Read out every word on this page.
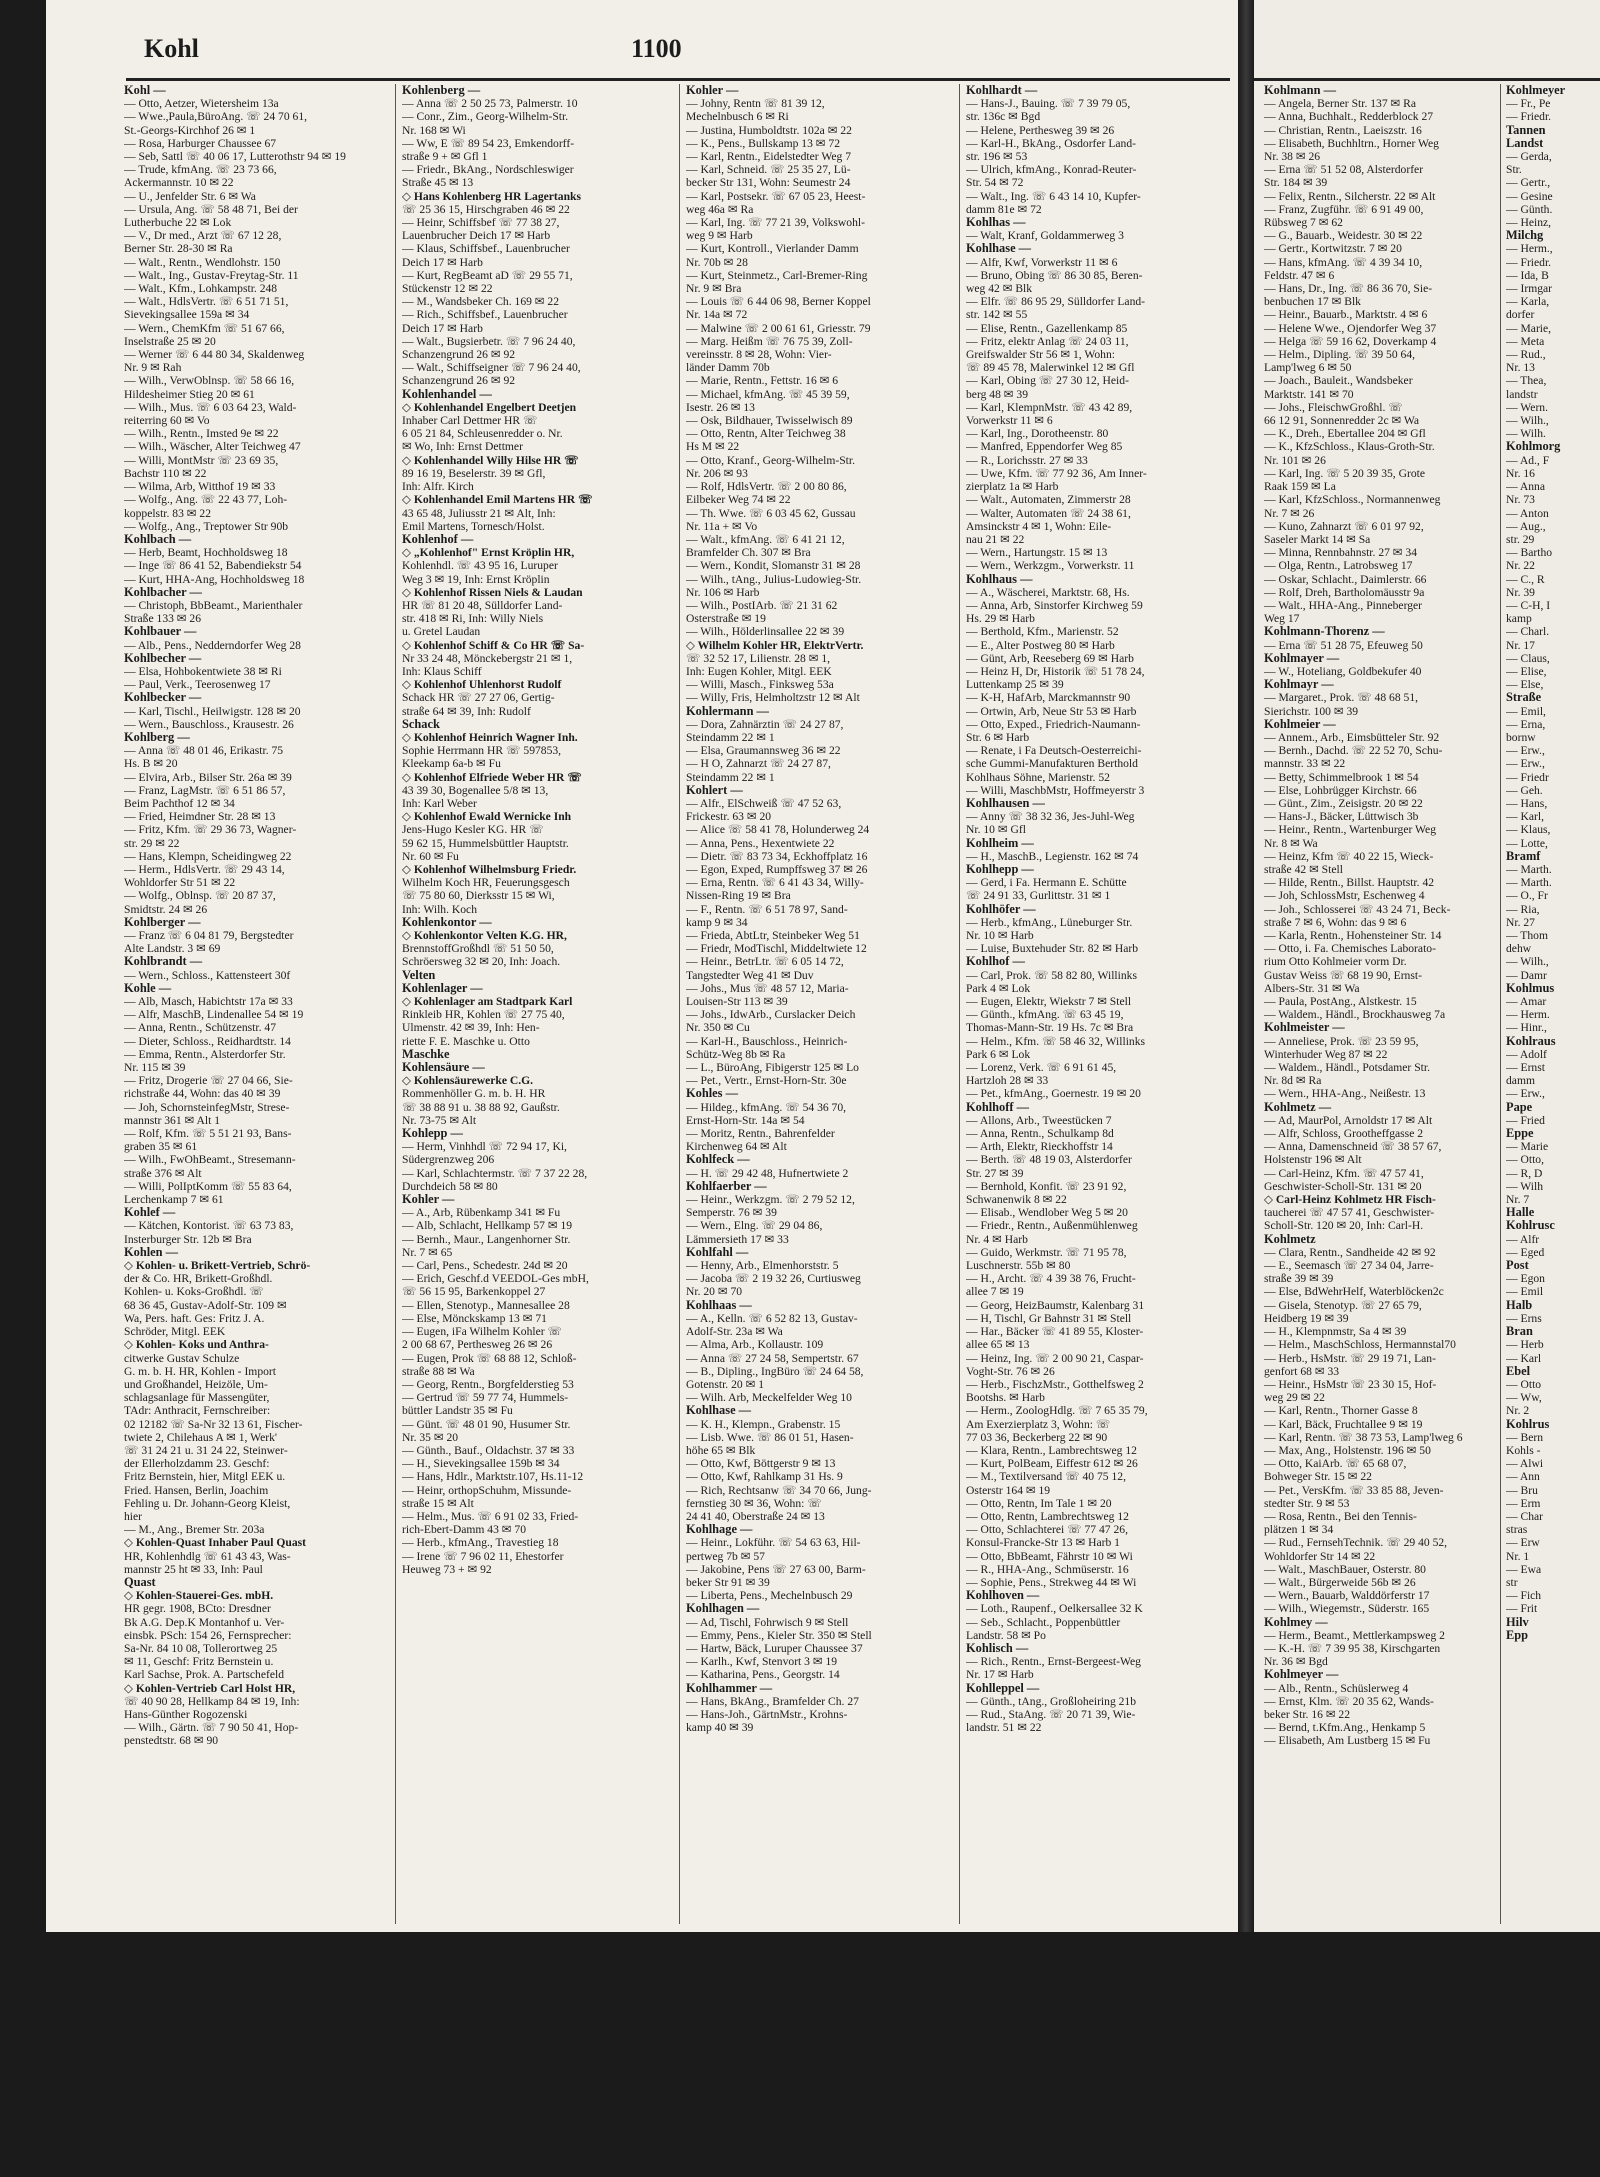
Kohl	1100
Kohl —
— Otto, Aetzer, Wietersheim 13a
— Wwe.,Paula,BüroAng. ☏ 24 70 61,
St.-Georgs-Kirchhof 26 ✉ 1
— Rosa, Harburger Chaussee 67
— Seb, Sattl ☏ 40 06 17, Lutterothstr 94 ✉ 19
— Trude, kfmAng. ☏ 23 73 66,
Ackermannstr. 10 ✉ 22
— U., Jenfelder Str. 6 ✉ Wa
— Ursula, Ang. ☏ 58 48 71, Bei der
Lutherbuche 22 ✉ Lok
— V., Dr med., Arzt ☏ 67 12 28,
Berner Str. 28-30 ✉ Ra
— Walt., Rentn., Wendlohstr. 150
— Walt., Ing., Gustav-Freytag-Str. 11
— Walt., Kfm., Lohkampstr. 248
— Walt., HdlsVertr. ☏ 6 51 71 51,
Sievekingsallee 159a ✉ 34
— Wern., ChemKfm ☏ 51 67 66,
Inselstraße 25 ✉ 20
— Werner ☏ 6 44 80 34, Skaldenweg
Nr. 9 ✉ Rah
— Wilh., VerwOblnsp. ☏ 58 66 16,
Hildesheimer Stieg 20 ✉ 61
— Wilh., Mus. ☏ 6 03 64 23, Wald-
reiterring 60 ✉ Vo
— Wilh., Rentn., Imsted 9e ✉ 22
— Wilh., Wäscher, Alter Teichweg 47
— Willi, MontMstr ☏ 23 69 35,
Bachstr 110 ✉ 22
— Wilma, Arb, Witthof 19 ✉ 33
— Wolfg., Ang. ☏ 22 43 77, Loh-
koppelstr. 83 ✉ 22
— Wolfg., Ang., Treptower Str 90b
Kohlbach —
— Herb, Beamt, Hochholdsweg 18
— Inge ☏ 86 41 52, Babendiekstr 54
— Kurt, HHA-Ang, Hochholdsweg 18
Kohlbacher —
— Christoph, BbBeamt., Marienthaler
Straße 133 ✉ 26
Kohlbauer —
— Alb., Pens., Nedderndorfer Weg 28
Kohlbecher —
— Elsa, Hohbokentwiete 38 ✉ Ri
— Paul, Verk., Teerosenweg 17
Kohlbecker —
— Karl, Tischl., Heilwigstr. 128 ✉ 20
— Wern., Bauschloss., Krausestr. 26
Kohlberg —
— Anna ☏ 48 01 46, Erikastr. 75
Hs. B ✉ 20
— Elvira, Arb., Bilser Str. 26a ✉ 39
— Franz, LagMstr. ☏ 6 51 86 57,
Beim Pachthof 12 ✉ 34
— Fried, Heimdner Str. 28 ✉ 13
— Fritz, Kfm. ☏ 29 36 73, Wagner-
str. 29 ✉ 22
— Hans, Klempn, Scheidingweg 22
— Herm., HdlsVertr. ☏ 29 43 14,
Wohldorfer Str 51 ✉ 22
— Wolfg., Oblnsp. ☏ 20 87 37,
Smidtstr. 24 ✉ 26
Kohlberger —
— Franz ☏ 6 04 81 79, Bergstedter
Alte Landstr. 3 ✉ 69
Kohlbrandt —
— Wern., Schloss., Kattensteert 30f
Kohle —
— Alb, Masch, Habichtstr 17a ✉ 33
— Alfr, MaschB, Lindenallee 54 ✉ 19
— Anna, Rentn., Schützenstr. 47
— Dieter, Schloss., Reidhardtstr. 14
— Emma, Rentn., Alsterdorfer Str.
Nr. 115 ✉ 39
— Fritz, Drogerie ☏ 27 04 66, Sie-
richstraße 44, Wohn: das 40 ✉ 39
— Joh, SchornsteinfegMstr, Strese-
mannstr 361 ✉ Alt 1
— Rolf, Kfm. ☏ 5 51 21 93, Bans-
graben 35 ✉ 61
— Wilh., FwOhBeamt., Stresemann-
straße 376 ✉ Alt
— Willi, PolIptKomm ☏ 55 83 64,
Lerchenkamp 7 ✉ 61
Kohlef —
— Kätchen, Kontorist. ☏ 63 73 83,
Insterburger Str. 12b ✉ Bra
Kohlen —
◇ Kohlen- u. Brikett-Vertrieb, Schrö-
der & Co. HR, Brikett-Großhdl.
Kohlen- u. Koks-Großhdl. ☏
68 36 45, Gustav-Adolf-Str. 109 ✉
Wa, Pers. haft. Ges: Fritz J. A.
Schröder, Mitgl. EEK
◇ Kohlen- Koks und Anthra-
citwerke Gustav Schulze
G. m. b. H. HR, Kohlen - Import
und Großhandel, Heizöle, Um-
schlagsanlage für Massengüter,
TAdr: Anthracit, Fernschreiber:
02 12182 ☏ Sa-Nr 32 13 61, Fischer-
twiete 2, Chilehaus A ✉ 1, Werk'
☏ 31 24 21 u. 31 24 22, Steinwer-
der Ellerholzdamm 23. Geschf:
Fritz Bernstein, hier, Mitgl EEK u.
Fried. Hansen, Berlin, Joachim
Fehling u. Dr. Johann-Georg Kleist,
hier
— M., Ang., Bremer Str. 203a
◇ Kohlen-Quast Inhaber Paul Quast
HR, Kohlenhdlg ☏ 61 43 43, Was-
mannstr 25 ht ✉ 33, Inh: Paul
Quast
◇ Kohlen-Stauerei-Ges. mbH.
HR gegr. 1908, BCto: Dresdner
Bk A.G. Dep.K Montanhof u. Ver-
einsbk. PSch: 154 26, Fernsprecher:
Sa-Nr. 84 10 08, Tollerortweg 25
✉ 11, Geschf: Fritz Bernstein u.
Karl Sachse, Prok. A. Partschefeld
◇ Kohlen-Vertrieb Carl Holst HR,
☏ 40 90 28, Hellkamp 84 ✉ 19, Inh:
Hans-Günther Rogozenski
— Wilh., Gärtn. ☏ 7 90 50 41, Hop-
penstedtstr. 68 ✉ 90
Kohlenberg —
— Anna ☏ 2 50 25 73, Palmerstr. 10
— Conr., Zim., Georg-Wilhelm-Str.
Nr. 168 ✉ Wi
— Ww, E ☏ 89 54 23, Emkendorff-
straße 9 + ✉ Gfl 1
— Friedr., BkAng., Nordschleswiger
Straße 45 ✉ 13
◇ Hans Kohlenberg HR Lagertanks
☏ 25 36 15, Hirschgraben 46 ✉ 22
— Heinr, Schiffsbef ☏ 77 38 27,
Lauenbrucher Deich 17 ✉ Harb
— Klaus, Schiffsbef., Lauenbrucher
Deich 17 ✉ Harb
— Kurt, RegBeamt aD ☏ 29 55 71,
Stückenstr 12 ✉ 22
— M., Wandsbeker Ch. 169 ✉ 22
— Rich., Schiffsbef., Lauenbrucher
Deich 17 ✉ Harb
— Walt., Bugsierbetr. ☏ 7 96 24 40,
Schanzengrund 26 ✉ 92
— Walt., Schiffseigner ☏ 7 96 24 40,
Schanzengrund 26 ✉ 92
Kohlenhandel —
◇ Kohlenhandel Engelbert Deetjen
Inhaber Carl Dettmer HR ☏
6 05 21 84, Schleusenredder o. Nr.
✉ Wo, Inh: Ernst Dettmer
◇ Kohlenhandel Willy Hilse HR ☏
89 16 19, Beselerstr. 39 ✉ Gfl,
Inh: Alfr. Kirch
◇ Kohlenhandel Emil Martens HR ☏
43 65 48, Juliusstr 21 ✉ Alt, Inh:
Emil Martens, Tornesch/Holst.
Kohlenhof —
◇ „Kohlenhof" Ernst Kröplin HR,
Kohlenhdl. ☏ 43 95 16, Luruper
Weg 3 ✉ 19, Inh: Ernst Kröplin
◇ Kohlenhof Rissen Niels & Laudan
HR ☏ 81 20 48, Sülldorfer Land-
str. 418 ✉ Ri, Inh: Willy Niels
u. Gretel Laudan
◇ Kohlenhof Schiff & Co HR ☏ Sa-
Nr 33 24 48, Mönckebergstr 21 ✉ 1,
Inh: Klaus Schiff
◇ Kohlenhof Uhlenhorst Rudolf
Schack HR ☏ 27 27 06, Gertig-
straße 64 ✉ 39, Inh: Rudolf
Schack
◇ Kohlenhof Heinrich Wagner Inh.
Sophie Herrmann HR ☏ 597853,
Kleekamp 6a-b ✉ Fu
◇ Kohlenhof Elfriede Weber HR ☏
43 39 30, Bogenallee 5/8 ✉ 13,
Inh: Karl Weber
◇ Kohlenhof Ewald Wernicke Inh
Jens-Hugo Kesler KG. HR ☏
59 62 15, Hummelsbüttler Hauptstr.
Nr. 60 ✉ Fu
◇ Kohlenhof Wilhelmsburg Friedr.
Wilhelm Koch HR, Feuerungsgesch
☏ 75 80 60, Dierksstr 15 ✉ Wi,
Inh: Wilh. Koch
Kohlenkontor —
◇ Kohlenkontor Velten K.G. HR,
BrennstoffGroßhdl ☏ 51 50 50,
Schröersweg 32 ✉ 20, Inh: Joach.
Velten
Kohlenlager —
◇ Kohlenlager am Stadtpark Karl
Rinkleib HR, Kohlen ☏ 27 75 40,
Ulmenstr. 42 ✉ 39, Inh: Hen-
riette F. E. Maschke u. Otto
Maschke
Kohlensäure —
◇ Kohlensäurewerke C.G.
Rommenhöller G. m. b. H. HR
☏ 38 88 91 u. 38 88 92, Gaußstr.
Nr. 73-75 ✉ Alt
Kohlepp —
— Herm, Vinhhdl ☏ 72 94 17, Ki,
Südergrenzweg 206
— Karl, Schlachtermstr. ☏ 7 37 22 28,
Durchdeich 58 ✉ 80
Kohler —
— A., Arb, Rübenkamp 341 ✉ Fu
— Alb, Schlacht, Hellkamp 57 ✉ 19
— Bernh., Maur., Langenhorner Str.
Nr. 7 ✉ 65
— Carl, Pens., Schedestr. 24d ✉ 20
— Erich, Geschf.d VEEDOL-Ges mbH,
☏ 56 15 95, Barkenkoppel 27
— Ellen, Stenotyp., Mannesallee 28
— Else, Mönckskamp 13 ✉ 71
— Eugen, iFa Wilhelm Kohler ☏
2 00 68 67, Perthesweg 26 ✉ 26
— Eugen, Prok ☏ 68 88 12, Schloß-
straße 88 ✉ Wa
— Georg, Rentn., Borgfelderstieg 53
— Gertrud ☏ 59 77 74, Hummels-
büttler Landstr 35 ✉ Fu
— Günt. ☏ 48 01 90, Husumer Str.
Nr. 35 ✉ 20
— Günth., Bauf., Oldachstr. 37 ✉ 33
— H., Sievekingsallee 159b ✉ 34
— Hans, Hdlr., Marktstr.107, Hs.11-12
— Heinr, orthopSchuhm, Missunde-
straße 15 ✉ Alt
— Helm., Mus. ☏ 6 91 02 33, Fried-
rich-Ebert-Damm 43 ✉ 70
— Herb., kfmAng., Travestieg 18
— Irene ☏ 7 96 02 11, Ehestorfer
Heuweg 73 + ✉ 92
Kohler —
— Johny, Rentn ☏ 81 39 12,
Mechelnbusch 6 ✉ Ri
— Justina, Humboldtstr. 102a ✉ 22
— K., Pens., Bullskamp 13 ✉ 72
— Karl, Rentn., Eidelstedter Weg 7
— Karl, Schneid. ☏ 25 35 27, Lü-
becker Str 131, Wohn: Seumestr 24
— Karl, Postsekr. ☏ 67 05 23, Heest-
weg 46a ✉ Ra
— Karl, Ing. ☏ 77 21 39, Volkswohl-
weg 9 ✉ Harb
— Kurt, Kontroll., Vierlander Damm
Nr. 70b ✉ 28
— Kurt, Steinmetz., Carl-Bremer-Ring
Nr. 9 ✉ Bra
— Louis ☏ 6 44 06 98, Berner Koppel
Nr. 14a ✉ 72
— Malwine ☏ 2 00 61 61, Griesstr. 79
— Marg. Heißm ☏ 76 75 39, Zoll-
vereinsstr. 8 ✉ 28, Wohn: Vier-
länder Damm 70b
— Marie, Rentn., Fettstr. 16 ✉ 6
— Michael, kfmAng. ☏ 45 39 59,
Isestr. 26 ✉ 13
— Osk, Bildhauer, Twisselwisch 89
— Otto, Rentn, Alter Teichweg 38
Hs M ✉ 22
— Otto, Kranf., Georg-Wilhelm-Str.
Nr. 206 ✉ 93
— Rolf, HdlsVertr. ☏ 2 00 80 86,
Eilbeker Weg 74 ✉ 22
— Th. Wwe. ☏ 6 03 45 62, Gussau
Nr. 11a + ✉ Vo
— Walt., kfmAng. ☏ 6 41 21 12,
Bramfelder Ch. 307 ✉ Bra
— Wern., Kondit, Slomanstr 31 ✉ 28
— Wilh., tAng., Julius-Ludowieg-Str.
Nr. 106 ✉ Harb
— Wilh., PostIArb. ☏ 21 31 62
Osterstraße ✉ 19
— Wilh., Hölderlinsallee 22 ✉ 39
◇ Wilhelm Kohler HR, ElektrVertr.
☏ 32 52 17, Lilienstr. 28 ✉ 1,
Inh: Eugen Kohler, Mitgl. EEK
— Willi, Masch., Finksweg 53a
— Willy, Fris, Helmholtzstr 12 ✉ Alt
Kohlermann —
— Dora, Zahnärztin ☏ 24 27 87,
Steindamm 22 ✉ 1
— Elsa, Graumannsweg 36 ✉ 22
— H O, Zahnarzt ☏ 24 27 87,
Steindamm 22 ✉ 1
Kohlert —
— Alfr., ElSchweiß ☏ 47 52 63,
Frickestr. 63 ✉ 20
— Alice ☏ 58 41 78, Holunderweg 24
— Anna, Pens., Hexentwiete 22
— Dietr. ☏ 83 73 34, Eckhoffplatz 16
— Egon, Exped, Rumpffsweg 37 ✉ 26
— Erna, Rentn. ☏ 6 41 43 34, Willy-
Nissen-Ring 19 ✉ Bra
— F., Rentn. ☏ 6 51 78 97, Sand-
kamp 9 ✉ 34
— Frieda, AbtLtr, Steinbeker Weg 51
— Friedr, ModTischl, Middeltwiete 12
— Heinr., BetrLtr. ☏ 6 05 14 72,
Tangstedter Weg 41 ✉ Duv
— Johs., Mus ☏ 48 57 12, Maria-
Louisen-Str 113 ✉ 39
— Johs., IdwArb., Curslacker Deich
Nr. 350 ✉ Cu
— Karl-H., Bauschloss., Heinrich-
Schütz-Weg 8b ✉ Ra
— L., BüroAng, Fibigerstr 125 ✉ Lo
— Pet., Vertr., Ernst-Horn-Str. 30e
Kohles —
— Hildeg., kfmAng. ☏ 54 36 70,
Ernst-Horn-Str. 14a ✉ 54
— Moritz, Rentn., Bahrenfelder
Kirchenweg 64 ✉ Alt
Kohlfeck —
— H. ☏ 29 42 48, Hufnertwiete 2
Kohlfaerber —
— Heinr., Werkzgm. ☏ 2 79 52 12,
Semperstr. 76 ✉ 39
— Wern., Elng. ☏ 29 04 86,
Lämmersieth 17 ✉ 33
Kohlfahl —
— Henny, Arb., Elmenhorststr. 5
— Jacoba ☏ 2 19 32 26, Curtiusweg
Nr. 20 ✉ 70
Kohlhaas —
— A., Kelln. ☏ 6 52 82 13, Gustav-
Adolf-Str. 23a ✉ Wa
— Alma, Arb., Kollaustr. 109
— Anna ☏ 27 24 58, Sempertstr. 67
— B., Dipling., IngBüro ☏ 24 64 58,
Gotenstr. 20 ✉ 1
— Wilh. Arb, Meckelfelder Weg 10
Kohlhase —
— K. H., Klempn., Grabenstr. 15
— Lisb. Wwe. ☏ 86 01 51, Hasen-
höhe 65 ✉ Blk
— Otto, Kwf, Böttgerstr 9 ✉ 13
— Otto, Kwf, Rahlkamp 31 Hs. 9
— Rich, Rechtsanw ☏ 34 70 66, Jung-
fernstieg 30 ✉ 36, Wohn: ☏
24 41 40, Oberstraße 24 ✉ 13
Kohlhage —
— Heinr., Lokführ. ☏ 54 63 63, Hil-
pertweg 7b ✉ 57
— Jakobine, Pens ☏ 27 63 00, Barm-
beker Str 91 ✉ 39
— Liberta, Pens., Mechelnbusch 29
Kohlhagen —
— Ad, Tischl, Fohrwisch 9 ✉ Stell
— Emmy, Pens., Kieler Str. 350 ✉ Stell
— Hartw, Bäck, Luruper Chaussee 37
— Karlh., Kwf, Stenvort 3 ✉ 19
— Katharina, Pens., Georgstr. 14
Kohlhammer —
— Hans, BkAng., Bramfelder Ch. 27
— Hans-Joh., GärtnMstr., Krohns-
kamp 40 ✉ 39
Kohlhardt —
— Hans-J., Bauing. ☏ 7 39 79 05,
str. 136c ✉ Bgd
— Helene, Perthesweg 39 ✉ 26
— Karl-H., BkAng., Osdorfer Land-
str. 196 ✉ 53
— Ulrich, kfmAng., Konrad-Reuter-
Str. 54 ✉ 72
— Walt., Ing. ☏ 6 43 14 10, Kupfer-
damm 81e ✉ 72
Kohlhas —
— Walt, Kranf, Goldammerweg 3
Kohlhase —
— Alfr, Kwf, Vorwerkstr 11 ✉ 6
— Bruno, Obing ☏ 86 30 85, Beren-
weg 42 ✉ Blk
— Elfr. ☏ 86 95 29, Sülldorfer Land-
str. 142 ✉ 55
— Elise, Rentn., Gazellenkamp 85
— Fritz, elektr Anlag ☏ 24 03 11,
Greifswalder Str 56 ✉ 1, Wohn:
☏ 89 45 78, Malerwinkel 12 ✉ Gfl
— Karl, Obing ☏ 27 30 12, Heid-
berg 48 ✉ 39
— Karl, KlempnMstr. ☏ 43 42 89,
Vorwerkstr 11 ✉ 6
— Karl, Ing., Dorotheenstr. 80
— Manfred, Eppendorfer Weg 85
— R., Lorichsstr. 27 ✉ 33
— Uwe, Kfm. ☏ 77 92 36, Am Inner-
zierplatz 1a ✉ Harb
— Walt., Automaten, Zimmerstr 28
— Walter, Automaten ☏ 24 38 61,
Amsinckstr 4 ✉ 1, Wohn: Eile-
nau 21 ✉ 22
— Wern., Hartungstr. 15 ✉ 13
— Wern., Werkzgm., Vorwerkstr. 11
Kohlhaus —
— A., Wäscherei, Marktstr. 68, Hs.
— Anna, Arb, Sinstorfer Kirchweg 59
Hs. 29 ✉ Harb
— Berthold, Kfm., Marienstr. 52
— E., Alter Postweg 80 ✉ Harb
— Günt, Arb, Reeseberg 69 ✉ Harb
— Heinz H, Dr, Historik ☏ 51 78 24,
Luttenkamp 25 ✉ 39
— K-H, HafArb, Marckmannstr 90
— Ortwin, Arb, Neue Str 53 ✉ Harb
— Otto, Exped., Friedrich-Naumann-
Str. 6 ✉ Harb
— Renate, i Fa Deutsch-Oesterreichi-
sche Gummi-Manufakturen Berthold
Kohlhaus Söhne, Marienstr. 52
— Willi, MaschbMstr, Hoffmeyerstr 3
Kohlhausen —
— Anny ☏ 38 32 36, Jes-Juhl-Weg
Nr. 10 ✉ Gfl
Kohlheim —
— H., MaschB., Legienstr. 162 ✉ 74
Kohlhepp —
— Gerd, i Fa. Hermann E. Schütte
☏ 24 91 33, Gurlittstr. 31 ✉ 1
Kohlhöfer —
— Herb., kfmAng., Lüneburger Str.
Nr. 10 ✉ Harb
— Luise, Buxtehuder Str. 82 ✉ Harb
Kohlhof —
— Carl, Prok. ☏ 58 82 80, Willinks
Park 4 ✉ Lok
— Eugen, Elektr, Wiekstr 7 ✉ Stell
— Günth., kfmAng. ☏ 63 45 19,
Thomas-Mann-Str. 19 Hs. 7c ✉ Bra
— Helm., Kfm. ☏ 58 46 32, Willinks
Park 6 ✉ Lok
— Lorenz, Verk. ☏ 6 91 61 45,
Hartzloh 28 ✉ 33
— Pet., kfmAng., Goernestr. 19 ✉ 20
Kohlhoff —
— Allons, Arb., Tweestücken 7
— Anna, Rentn., Schulkamp 8d
— Arth, Elektr, Rieckhoffstr 14
— Berth. ☏ 48 19 03, Alsterdorfer
Str. 27 ✉ 39
— Bernhold, Konfit. ☏ 23 91 92,
Schwanenwik 8 ✉ 22
— Elisab., Wendlober Weg 5 ✉ 20
— Friedr., Rentn., Außenmühlenweg
Nr. 4 ✉ Harb
— Guido, Werkmstr. ☏ 71 95 78,
Luschnerstr. 55b ✉ 80
— H., Archt. ☏ 4 39 38 76, Frucht-
allee 7 ✉ 19
— Georg, HeizBaumstr, Kalenbarg 31
— H, Tischl, Gr Bahnstr 31 ✉ Stell
— Har., Bäcker ☏ 41 89 55, Kloster-
allee 65 ✉ 13
— Heinz, Ing. ☏ 2 00 90 21, Caspar-
Voght-Str. 76 ✉ 26
— Herb., FischzMstr., Gotthelfsweg 2
Bootshs. ✉ Harb
— Herm., ZoologHdlg. ☏ 7 65 35 79,
Am Exerzierplatz 3, Wohn: ☏
77 03 36, Beckerberg 22 ✉ 90
— Klara, Rentn., Lambrechtsweg 12
— Kurt, PolBeam, Eiffestr 612 ✉ 26
— M., Textilversand ☏ 40 75 12,
Osterstr 164 ✉ 19
— Otto, Rentn, Im Tale 1 ✉ 20
— Otto, Rentn, Lambrechtsweg 12
— Otto, Schlachterei ☏ 77 47 26,
Konsul-Francke-Str 13 ✉ Harb 1
— Otto, BbBeamt, Fährstr 10 ✉ Wi
— R., HHA-Ang., Schmüserstr. 16
— Sophie, Pens., Strekweg 44 ✉ Wi
Kohlhoven —
— Loth., Raupenf., Oelkersallee 32 K
— Seb., Schlacht., Poppenbüttler
Landstr. 58 ✉ Po
Kohlisch —
— Rich., Rentn., Ernst-Bergeest-Weg
Nr. 17 ✉ Harb
Kohlleppel —
— Günth., tAng., Großloheiring 21b
— Rud., StaAng. ☏ 20 71 39, Wie-
landstr. 51 ✉ 22
Kohlmann —
— Angela, Berner Str. 137 ✉ Ra
— Anna, Buchhalt., Redderblock 27
— Christian, Rentn., Laeiszstr. 16
— Elisabeth, Buchhltrn., Horner Weg
Nr. 38 ✉ 26
— Erna ☏ 51 52 08, Alsterdorfer
Str. 184 ✉ 39
— Felix, Rentn., Silcherstr. 22 ✉ Alt
— Franz, Zugführ. ☏ 6 91 49 00,
Rübsweg 7 ✉ 62
— G., Bauarb., Weidestr. 30 ✉ 22
— Gertr., Kortwitzstr. 7 ✉ 20
— Hans, kfmAng. ☏ 4 39 34 10,
Feldstr. 47 ✉ 6
— Hans, Dr., Ing. ☏ 86 36 70, Sie-
benbuchen 17 ✉ Blk
— Heinr., Bauarb., Marktstr. 4 ✉ 6
— Helene Wwe., Ojendorfer Weg 37
— Helga ☏ 59 16 62, Doverkamp 4
— Helm., Dipling. ☏ 39 50 64,
Lamp'lweg 6 ✉ 50
— Joach., Bauleit., Wandsbeker
Marktstr. 141 ✉ 70
— Johs., FleischwGroßhl. ☏
66 12 91, Sonnenredder 2c ✉ Wa
— K., Dreh., Ebertallee 204 ✉ Gfl
— K., KfzSchloss., Klaus-Groth-Str.
Nr. 101 ✉ 26
— Karl, Ing. ☏ 5 20 39 35, Grote
Raak 159 ✉ La
— Karl, KfzSchloss., Normannenweg
Nr. 7 ✉ 26
— Kuno, Zahnarzt ☏ 6 01 97 92,
Saseler Markt 14 ✉ Sa
— Minna, Rennbahnstr. 27 ✉ 34
— Olga, Rentn., Latrobsweg 17
— Oskar, Schlacht., Daimlerstr. 66
— Rolf, Dreh, Bartholomäusstr 9a
— Walt., HHA-Ang., Pinneberger
Weg 17
Kohlmann-Thorenz —
— Erna ☏ 51 28 75, Efeuweg 50
Kohlmayer —
— W., Hoteliang, Goldbekufer 40
Kohlmayr —
— Margaret., Prok. ☏ 48 68 51,
Sierichstr. 100 ✉ 39
Kohlmeier —
— Annem., Arb., Eimsbütteler Str. 92
— Bernh., Dachd. ☏ 22 52 70, Schu-
mannstr. 33 ✉ 22
— Betty, Schimmelbrook 1 ✉ 54
— Else, Lohbrügger Kirchstr. 66
— Günt., Zim., Zeisigstr. 20 ✉ 22
— Hans-J., Bäcker, Lüttwisch 3b
— Heinr., Rentn., Wartenburger Weg
Nr. 8 ✉ Wa
— Heinz, Kfm ☏ 40 22 15, Wieck-
straße 42 ✉ Stell
— Hilde, Rentn., Billst. Hauptstr. 42
— Joh, SchlossMstr, Eschenweg 4
— Joh., Schlosserei ☏ 43 24 71, Beck-
straße 7 ✉ 6, Wohn: das 9 ✉ 6
— Karla, Rentn., Hohensteiner Str. 14
— Otto, i. Fa. Chemisches Laborato-
rium Otto Kohlmeier vorm Dr.
Gustav Weiss ☏ 68 19 90, Ernst-
Albers-Str. 31 ✉ Wa
— Paula, PostAng., Alstkestr. 15
— Waldem., Händl., Brockhausweg 7a
Kohlmeister —
— Anneliese, Prok. ☏ 23 59 95,
Winterhuder Weg 87 ✉ 22
— Waldem., Händl., Potsdamer Str.
Nr. 8d ✉ Ra
— Wern., HHA-Ang., Neißestr. 13
Kohlmetz —
— Ad, MaurPol, Arnoldstr 17 ✉ Alt
— Alfr, Schloss, Grootheffgasse 2
— Anna, Damenschneid ☏ 38 57 67,
Holstenstr 196 ✉ Alt
— Carl-Heinz, Kfm. ☏ 47 57 41,
Geschwister-Scholl-Str. 131 ✉ 20
◇ Carl-Heinz Kohlmetz HR Fisch-
taucherei ☏ 47 57 41, Geschwister-
Scholl-Str. 120 ✉ 20, Inh: Carl-H.
Kohlmetz
— Clara, Rentn., Sandheide 42 ✉ 92
— E., Seemasch ☏ 27 34 04, Jarre-
straße 39 ✉ 39
— Else, BdWehrHelf, Waterblöcken2c
— Gisela, Stenotyp. ☏ 27 65 79,
Heidberg 19 ✉ 39
— H., Klempnmstr, Sa 4 ✉ 39
— Helm., MaschSchloss, Hermannstal70
— Herb., HsMstr. ☏ 29 19 71, Lan-
genfort 68 ✉ 33
— Heinr., HsMstr ☏ 23 30 15, Hof-
weg 29 ✉ 22
— Karl, Rentn., Thorner Gasse 8
— Karl, Bäck, Fruchtallee 9 ✉ 19
— Karl, Rentn. ☏ 38 73 53, Lamp'lweg 6
— Max, Ang., Holstenstr. 196 ✉ 50
— Otto, KaiArb. ☏ 65 68 07,
Bohweger Str. 15 ✉ 22
— Pet., VersKfm. ☏ 33 85 88, Jeven-
stedter Str. 9 ✉ 53
— Rosa, Rentn., Bei den Tennis-
plätzen 1 ✉ 34
— Rud., FernsehTechnik. ☏ 29 40 52,
Wohldorfer Str 14 ✉ 22
— Walt., MaschBauer, Osterstr. 80
— Walt., Bürgerweide 56b ✉ 26
— Wern., Bauarb, Walddörferstr 17
— Wilh., Wiegemstr., Süderstr. 165
Kohlmey —
— Herm., Beamt., Mettlerkampsweg 2
— K.-H. ☏ 7 39 95 38, Kirschgarten
Nr. 36 ✉ Bgd
Kohlmeyer —
— Alb., Rentn., Schüslerweg 4
— Ernst, Klm. ☏ 20 35 62, Wands-
beker Str. 16 ✉ 22
— Bernd, t.Kfm.Ang., Henkamp 5
— Elisabeth, Am Lustberg 15 ✉ Fu
Kohlmeyer
— Fr., Pe
— Friedr.
Tannen
Landst
— Gerda,
Str.
— Gertr.,
— Gesine
— Günth.
— Heinz,
Milchg
— Herm.,
— Friedr.
— Ida, B
— Irmgar
— Karla,
dorfer
— Marie,
— Meta
— Rud.,
Nr. 13
— Thea,
landstr
— Wern.
— Wilh.,
— Wilh.
Kohlmorg
— Ad., F
Nr. 16
— Anna
Nr. 73
— Anton
— Aug.,
str. 29
— Bartho
Nr. 22
— C., R
Nr. 39
— C-H, I
kamp
— Charl.
Nr. 17
— Claus,
— Elise,
— Else,
Straße
— Emil,
— Erna,
bornw
— Erw.,
— Erw.,
— Friedr
— Geh.
— Hans,
— Karl,
— Klaus,
— Lotte,
Bramf
— Marth.
— Marth.
— O., Fr
— Ria,
Nr. 27
— Thom
dehw
— Wilh.,
— Damr
Kohlmus
— Amar
— Herm.
— Hinr.,
Kohlraus
— Adolf
— Ernst
damm
— Erw.,
Pape
— Fried
Eppe
— Marie
— Otto,
— R, D
— Wilh
Nr. 7
Halle
Kohlrusc
— Alfr
— Eged
Post
— Egon
— Emil
Halb
— Erns
Bran
— Herb
— Karl
Ebel
— Otto
— Ww,
Nr. 2
Kohlrus
— Bern
Kohls -
— Alwi
— Ann
— Bru
— Erm
— Char
stras
— Erw
Nr. 1
— Ewa
str
— Fich
— Frit
Hilv
Epp
